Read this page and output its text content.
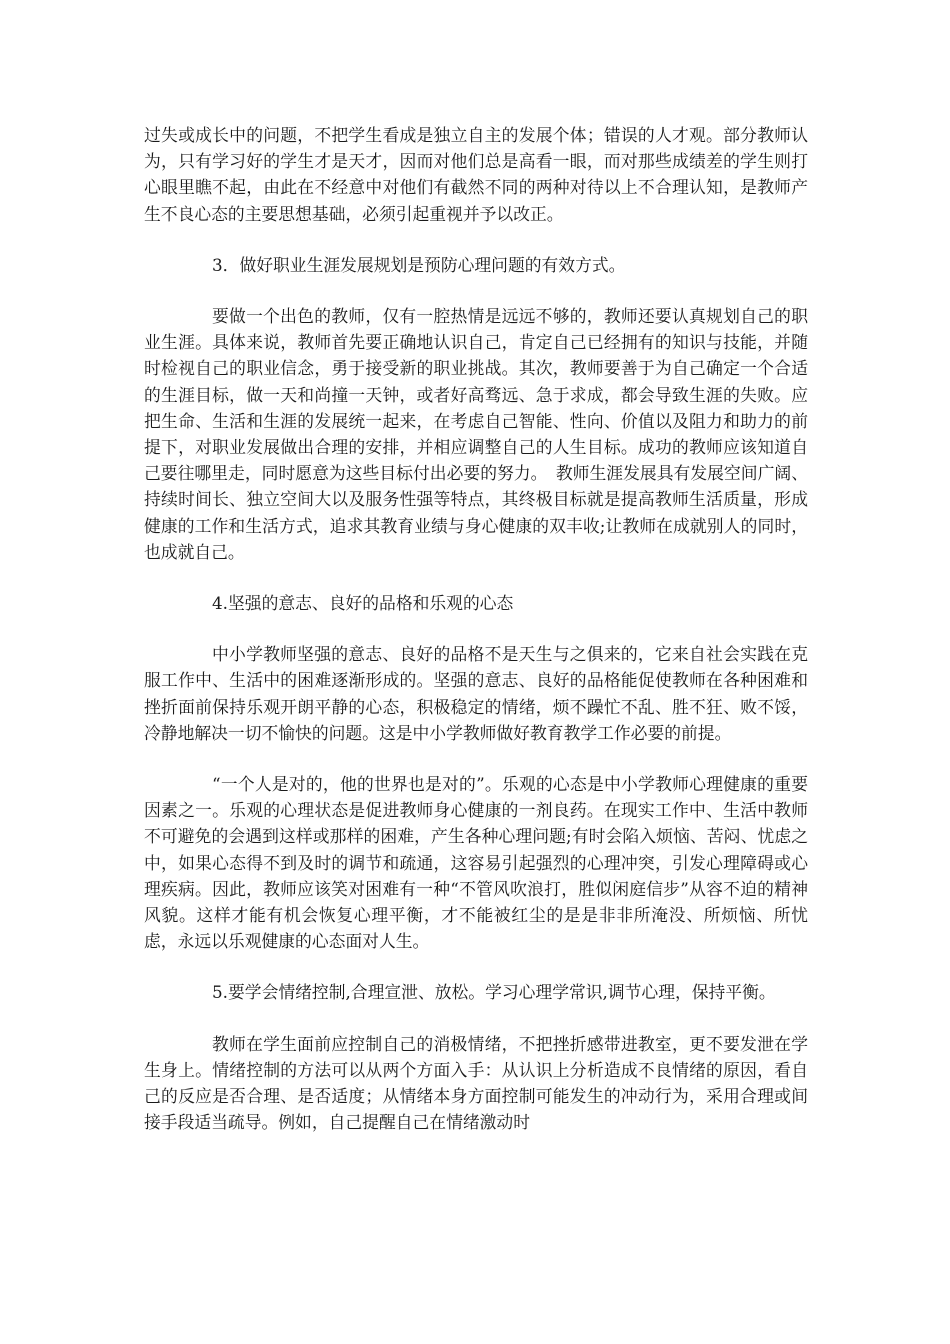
过失或成长中的问题，不把学生看成是独立自主的发展个体；错误的人才观。部分教师认为，只有学习好的学生才是天才，因而对他们总是高看一眼，而对那些成绩差的学生则打心眼里瞧不起，由此在不经意中对他们有截然不同的两种对待以上不合理认知，是教师产生不良心态的主要思想基础，必须引起重视并予以改正。

3．做好职业生涯发展规划是预防心理问题的有效方式。

要做一个出色的教师，仅有一腔热情是远远不够的，教师还要认真规划自己的职业生涯。具体来说，教师首先要正确地认识自己，肯定自己已经拥有的知识与技能，并随时检视自己的职业信念，勇于接受新的职业挑战。其次，教师要善于为自己确定一个合适的生涯目标，做一天和尚撞一天钟，或者好高骛远、急于求成，都会导致生涯的失败。应把生命、生活和生涯的发展统一起来，在考虑自己智能、性向、价值以及阻力和助力的前提下，对职业发展做出合理的安排，并相应调整自己的人生目标。成功的教师应该知道自己要往哪里走，同时愿意为这些目标付出必要的努力。　教师生涯发展具有发展空间广阔、持续时间长、独立空间大以及服务性强等特点，其终极目标就是提高教师生活质量，形成健康的工作和生活方式，追求其教育业绩与身心健康的双丰收;让教师在成就别人的同时，也成就自己。

4.坚强的意志、良好的品格和乐观的心态

中小学教师坚强的意志、良好的品格不是天生与之俱来的，它来自社会实践在克服工作中、生活中的困难逐渐形成的。坚强的意志、良好的品格能促使教师在各种困难和挫折面前保持乐观开朗平静的心态，积极稳定的情绪，烦不躁忙不乱、胜不狂、败不馁，冷静地解决一切不愉快的问题。这是中小学教师做好教育教学工作必要的前提。

“一个人是对的，他的世界也是对的”。乐观的心态是中小学教师心理健康的重要因素之一。乐观的心理状态是促进教师身心健康的一剂良药。在现实工作中、生活中教师不可避免的会遇到这样或那样的困难，产生各种心理问题;有时会陷入烦恼、苦闷、忧虑之中，如果心态得不到及时的调节和疏通，这容易引起强烈的心理冲突，引发心理障碍或心理疾病。因此，教师应该笑对困难有一种“不管风吹浪打，胜似闲庭信步”从容不迫的精神风貌。这样才能有机会恢复心理平衡，才不能被红尘的是是非非所淹没、所烦恼、所忧虑，永远以乐观健康的心态面对人生。

5.要学会情绪控制,合理宣泄、放松。学习心理学常识,调节心理，保持平衡。

教师在学生面前应控制自己的消极情绪，不把挫折感带进教室，更不要发泄在学生身上。情绪控制的方法可以从两个方面入手：从认识上分析造成不良情绪的原因，看自己的反应是否合理、是否适度；从情绪本身方面控制可能发生的冲动行为，采用合理或间接手段适当疏导。例如，自己提醒自己在情绪激动时
